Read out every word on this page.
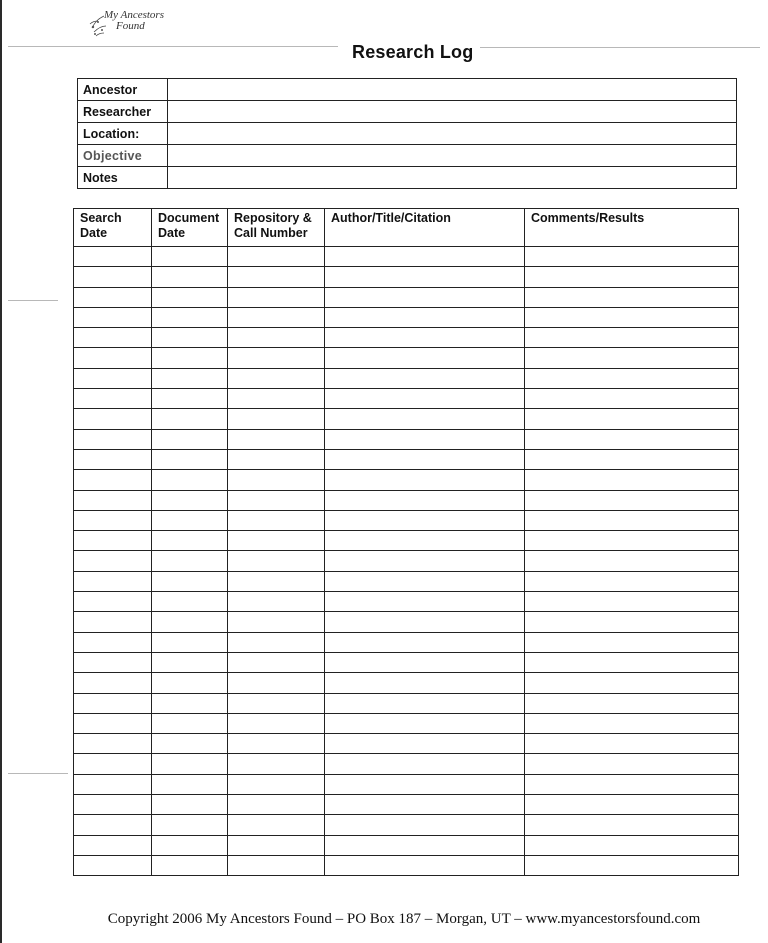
My Ancestors
Found
Research Log
Ancestor	
Researcher	
Location:	
Objective	
Notes	
Search Date	Document Date	Repository & Call Number	Author/Title/Citation	Comments/Results

Copyright 2006 My Ancestors Found – PO Box 187 – Morgan, UT – www.myancestorsfound.com
